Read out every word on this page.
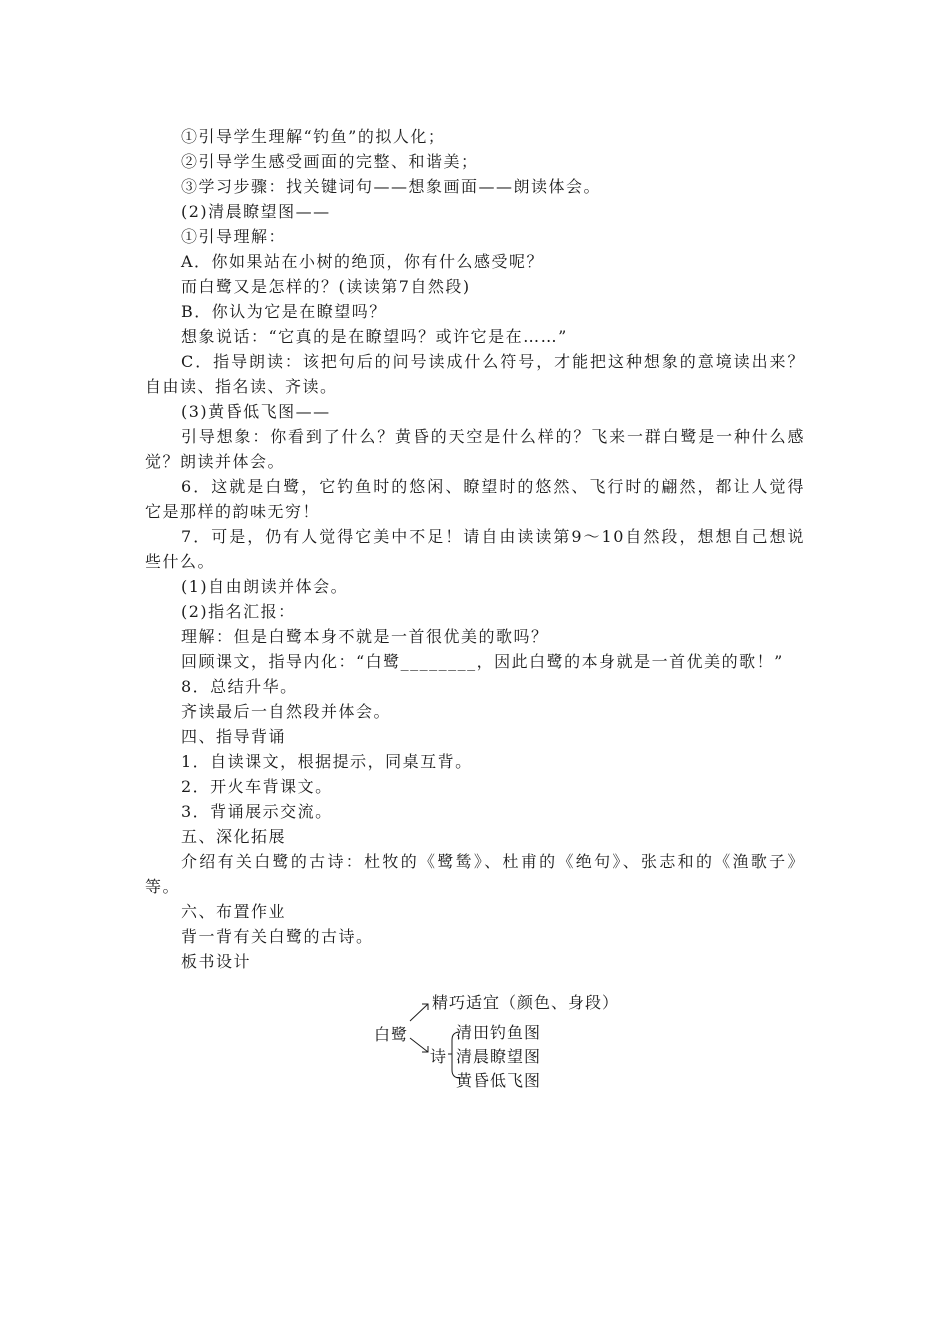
①引导学生理解“钓鱼”的拟人化；

②引导学生感受画面的完整、和谐美；

③学习步骤：找关键词句——想象画面——朗读体会。

(2)清晨瞭望图——

①引导理解：

A．你如果站在小树的绝顶，你有什么感受呢？

而白鹭又是怎样的？(读读第7自然段)

B．你认为它是在瞭望吗？

想象说话：“它真的是在瞭望吗？或许它是在……”

C．指导朗读：该把句后的问号读成什么符号，才能把这种想象的意境读出来？自由读、指名读、齐读。

(3)黄昏低飞图——

引导想象：你看到了什么？黄昏的天空是什么样的？飞来一群白鹭是一种什么感觉？朗读并体会。

6．这就是白鹭，它钓鱼时的悠闲、瞭望时的悠然、飞行时的翩然，都让人觉得它是那样的韵味无穷！

7．可是，仍有人觉得它美中不足！请自由读读第9～10自然段，想想自己想说些什么。

(1)自由朗读并体会。

(2)指名汇报：

理解：但是白鹭本身不就是一首很优美的歌吗？

回顾课文，指导内化：“白鹭________，因此白鹭的本身就是一首优美的歌！”

8．总结升华。

齐读最后一自然段并体会。

四、指导背诵

1．自读课文，根据提示，同桌互背。

2．开火车背课文。

3．背诵展示交流。

五、深化拓展

介绍有关白鹭的古诗：杜牧的《鹭鸶》、杜甫的《绝句》、张志和的《渔歌子》等。

六、布置作业

背一背有关白鹭的古诗。

板书设计

白鹭
精巧适宜（颜色、身段）
诗
清田钓鱼图
清晨瞭望图
黄昏低飞图
